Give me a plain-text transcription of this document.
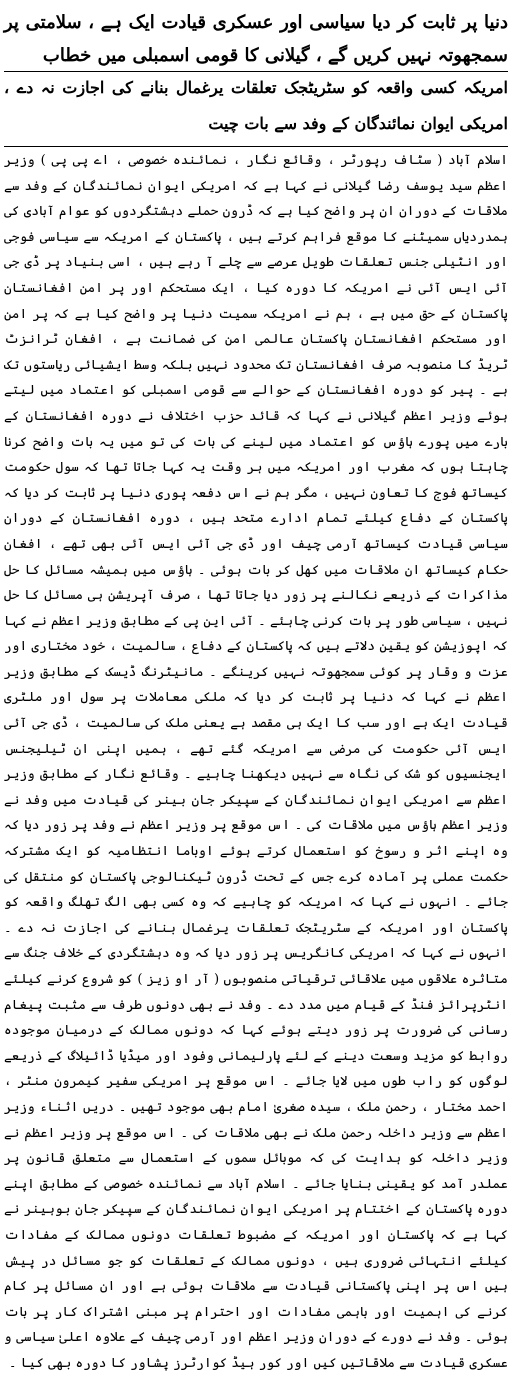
دنیا پر ثابت کر دیا سیاسی اور عسکری قیادت ایک ہے ، سلامتی پر سمجھوتہ نہیں کریں گے ، گیلانی کا قومی اسمبلی میں خطاب
امریکہ کسی واقعہ کو سٹریٹجک تعلقات یرغمال بنانے کی اجازت نہ دے ، امریکی ایوان نمائندگان کے وفد سے بات چیت
اسلام آباد ( سٹاف رپورٹر ، وقائع نگار ، نمائندہ خصوصی ، اے پی پی ) وزیر اعظم سید یوسف رضا گیلانی نے کہا ہے کہ امریکی ایوان نمائندگان کے وفد سے ملاقات کے دوران ان پر واضح کیا ہے کہ ڈرون حملے دہشتگردوں کو عوام آبادی کی ہمدردیاں سمیٹنے کا موقع فراہم کرتے ہیں ، پاکستان کے امریکہ سے سیاسی فوجی اور انٹیلی جنس تعلقات طویل عرصے سے چلے آ رہے ہیں ، اسی بنیاد پر ڈی جی آئی ایس آئی نے امریکہ کا دورہ کیا ، ایک مستحکم اور پر امن افغانستان پاکستان کے حق میں ہے ، ہم نے امریکہ سمیت دنیا پر واضح کیا ہے کہ پر امن اور مستحکم افغانستان پاکستان عالمی امن کی ضمانت ہے ، افغان ٹرانزٹ ٹریڈ کا منصوبہ صرف افغانستان تک محدود نہیں بلکہ وسط ایشیائی ریاستوں تک ہے ۔ پیر کو دورہ افغانستان کے حوالے سے قومی اسمبلی کو اعتماد میں لیتے ہوئے وزیر اعظم گیلانی نے کہا کہ قائد حزب اختلاف نے دورہ افغانستان کے بارے میں پورے ہاؤس کو اعتماد میں لینے کی بات کی تو میں یہ بات واضح کرنا چاہتا ہوں کہ مغرب اور امریکہ میں ہر وقت یہ کہا جاتا تھا کہ سول حکومت کیساتھ فوج کا تعاون نہیں ، مگر ہم نے اس دفعہ پوری دنیا پر ثابت کر دیا کہ پاکستان کے دفاع کیلئے تمام ادارے متحد ہیں ، دورہ افغانستان کے دوران سیاسی قیادت کیساتھ آرمی چیف اور ڈی جی آئی ایس آئی بھی تھے ، افغان حکام کیساتھ ان ملاقات میں کھل کر بات ہوئی ۔ ہاؤس میں ہمیشہ مسائل کا حل مذاکرات کے ذریعے نکالنے پر زور دیا جاتا تھا ، صرف آپریشن ہی مسائل کا حل نہیں ، سیاسی طور پر بات کرنی چاہئے ۔ آئی این پی کے مطابق وزیر اعظم نے کہا کہ اپوزیشن کو یقین دلاتے ہیں کہ پاکستان کے دفاع ، سالمیت ، خود مختاری اور عزت و وقار پر کوئی سمجھوتہ نہیں کرینگے ۔ مانیٹرنگ ڈیسک کے مطابق وزیر اعظم نے کہا کہ دنیا پر ثابت کر دیا کہ ملکی معاملات پر سول اور ملٹری قیادت ایک ہے اور سب کا ایک ہی مقصد ہے یعنی ملک کی سالمیت ، ڈی جی آئی ایس آئی حکومت کی مرضی سے امریکہ گئے تھے ، ہمیں اپنی ان ٹیلیجنس ایجنسیوں کو شک کی نگاہ سے نہیں دیکھنا چاہیے ۔ وقائع نگار کے مطابق وزیر اعظم سے امریکی ایوان نمائندگان کے سپیکر جان بینر کی قیادت میں وفد نے وزیر اعظم ہاؤس میں ملاقات کی ۔ اس موقع پر وزیر اعظم نے وفد پر زور دیا کہ وہ اپنے اثر و رسوخ کو استعمال کرتے ہوئے اوباما انتظامیہ کو ایک مشترکہ حکمت عملی پر آمادہ کرے جس کے تحت ڈرون ٹیکنالوجی پاکستان کو منتقل کی جائے ۔ انہوں نے کہا کہ امریکہ کو چاہیے کہ وہ کسی بھی الگ تھلگ واقعہ کو پاکستان اور امریکہ کے سٹریٹجک تعلقات یرغمال بنانے کی اجازت نہ دے ۔ انہوں نے کہا کہ امریکی کانگریس پر زور دیا کہ وہ دہشتگردی کے خلاف جنگ سے متاثرہ علاقوں میں علاقائی ترقیاتی منصوبوں ( آر او زیز ) کو شروع کرنے کیلئے انٹرپرائز فنڈ کے قیام میں مدد دے ۔ وفد نے بھی دونوں طرف سے مثبت پیغام رسانی کی ضرورت پر زور دیتے ہوئے کہا کہ دونوں ممالک کے درمیان موجودہ روابط کو مزید وسعت دینے کے لئے پارلیمانی وفود اور میڈیا ڈائیلاگ کے ذریعے لوگوں کو راب طوں میں لایا جائے ۔ اس موقع پر امریکی سفیر کیمرون منٹر ، احمد مختار ، رحمن ملک ، سیدہ صغریٰ امام بھی موجود تھیں ۔ دریں اثناء وزیر اعظم سے وزیر داخلہ رحمن ملک نے بھی ملاقات کی ۔ اس موقع پر وزیر اعظم نے وزیر داخلہ کو ہدایت کی کہ موبائل سموں کے استعمال سے متعلق قانون پر عملدر آمد کو یقینی بنایا جائے ۔ اسلام آباد سے نمائندہ خصوصی کے مطابق اپنے دورہ پاکستان کے اختتام پر امریکی ایوان نمائندگان کے سپیکر جان بوہینر نے کہا ہے کہ پاکستان اور امریکہ کے مضبوط تعلقات دونوں ممالک کے مفادات کیلئے انتہائی ضروری ہیں ، دونوں ممالک کے تعلقات کو جو مسائل در پیش ہیں اس پر اپنی پاکستانی قیادت سے ملاقات ہوئی ہے اور ان مسائل پر کام کرنے کی اہمیت اور باہمی مفادات اور احترام پر مبنی اشتراک کار پر بات ہوئی ۔ وفد نے دورے کے دوران وزیر اعظم اور آرمی چیف کے علاوہ اعلیٰ سیاسی و عسکری قیادت سے ملاقاتیں کیں اور کور ہیڈ کوارٹرز پشاور کا دورہ بھی کیا ۔
